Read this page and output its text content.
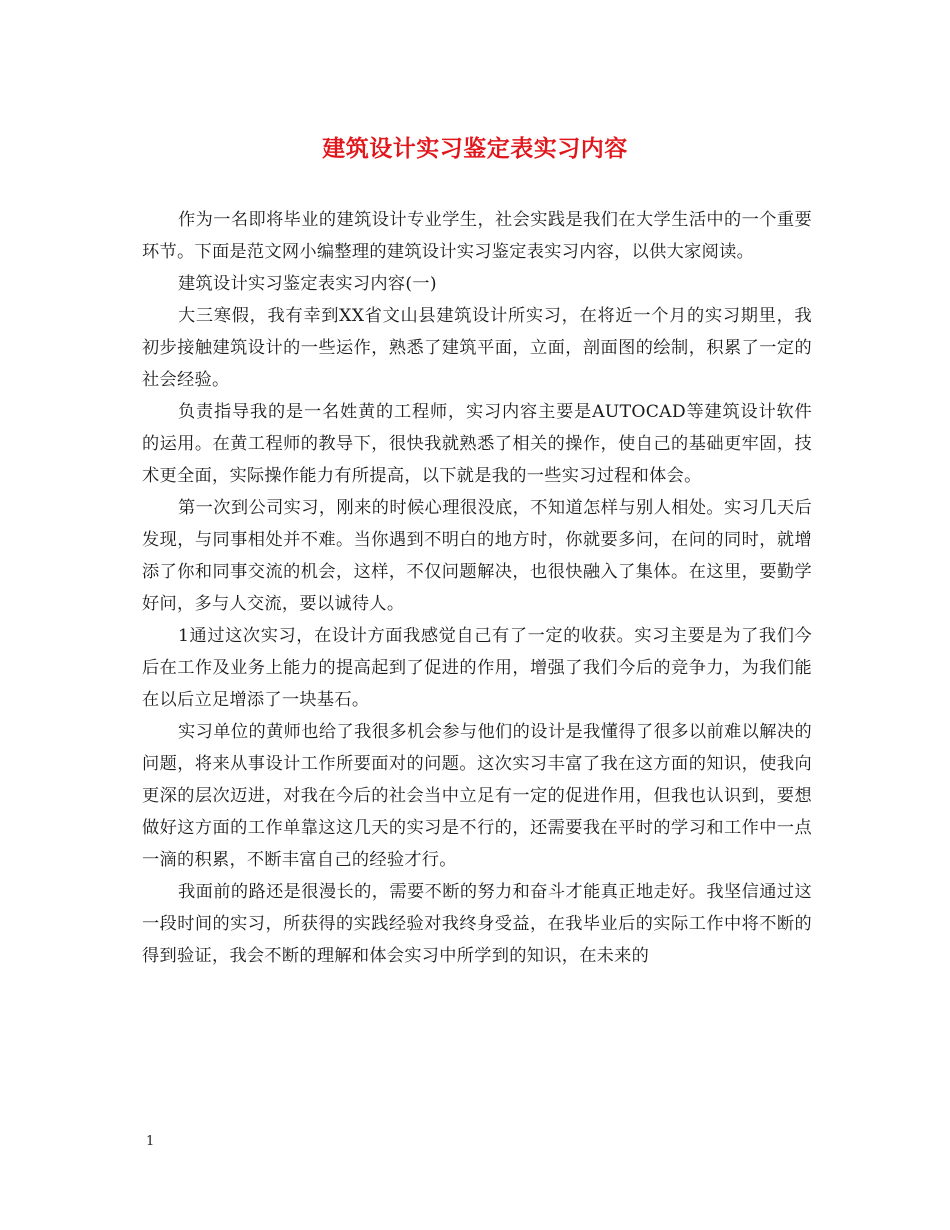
建筑设计实习鉴定表实习内容

作为一名即将毕业的建筑设计专业学生，社会实践是我们在大学生活中的一个重要环节。下面是范文网小编整理的建筑设计实习鉴定表实习内容，以供大家阅读。

建筑设计实习鉴定表实习内容(一)

大三寒假，我有幸到XX省文山县建筑设计所实习，在将近一个月的实习期里，我初步接触建筑设计的一些运作，熟悉了建筑平面，立面，剖面图的绘制，积累了一定的社会经验。

负责指导我的是一名姓黄的工程师，实习内容主要是AUTOCAD等建筑设计软件的运用。在黄工程师的教导下，很快我就熟悉了相关的操作，使自己的基础更牢固，技术更全面，实际操作能力有所提高，以下就是我的一些实习过程和体会。

第一次到公司实习，刚来的时候心理很没底，不知道怎样与别人相处。实习几天后发现，与同事相处并不难。当你遇到不明白的地方时，你就要多问，在问的同时，就增添了你和同事交流的机会，这样，不仅问题解决，也很快融入了集体。在这里，要勤学好问，多与人交流，要以诚待人。

1通过这次实习，在设计方面我感觉自己有了一定的收获。实习主要是为了我们今后在工作及业务上能力的提高起到了促进的作用，增强了我们今后的竞争力，为我们能在以后立足增添了一块基石。

实习单位的黄师也给了我很多机会参与他们的设计是我懂得了很多以前难以解决的问题，将来从事设计工作所要面对的问题。这次实习丰富了我在这方面的知识，使我向更深的层次迈进，对我在今后的社会当中立足有一定的促进作用，但我也认识到，要想做好这方面的工作单靠这这几天的实习是不行的，还需要我在平时的学习和工作中一点一滴的积累，不断丰富自己的经验才行。

我面前的路还是很漫长的，需要不断的努力和奋斗才能真正地走好。我坚信通过这一段时间的实习，所获得的实践经验对我终身受益，在我毕业后的实际工作中将不断的得到验证，我会不断的理解和体会实习中所学到的知识，在未来的

1
